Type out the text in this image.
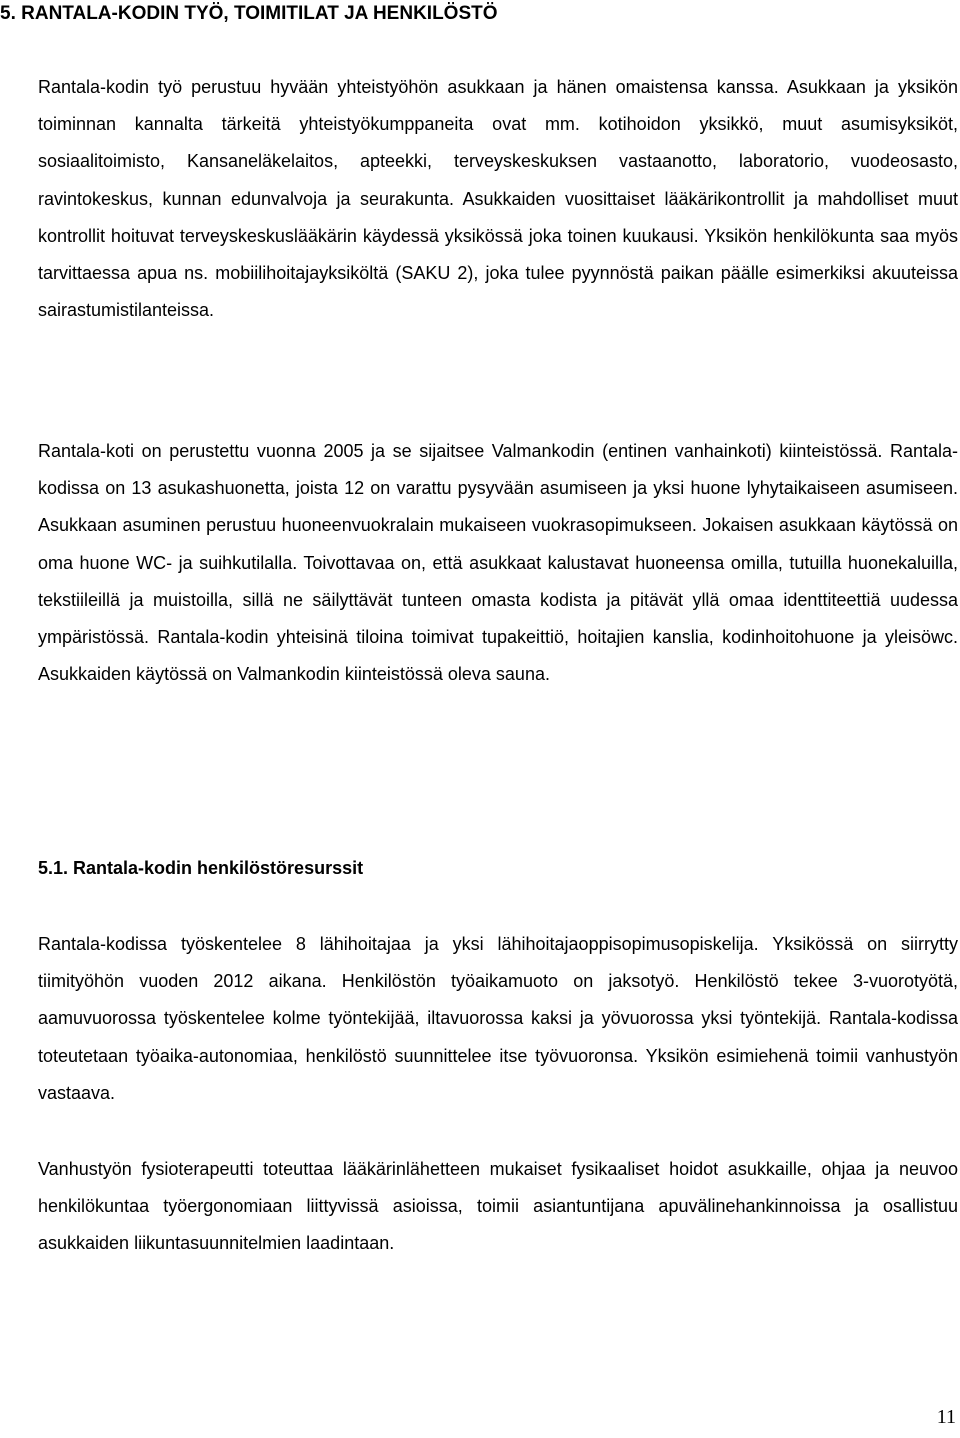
5. RANTALA-KODIN TYÖ, TOIMITILAT JA HENKILÖSTÖ

Rantala-kodin työ perustuu hyvään yhteistyöhön asukkaan ja hänen omaistensa kanssa. Asukkaan ja yksikön toiminnan kannalta tärkeitä yhteistyökumppaneita ovat mm. kotihoidon yksikkö, muut asumisyksiköt, sosiaalitoimisto, Kansaneläkelaitos, apteekki, terveyskeskuksen vastaanotto, laboratorio, vuodeosasto, ravintokeskus, kunnan edunvalvoja ja seurakunta. Asukkaiden vuosittaiset lääkärikontrollit ja mahdolliset muut kontrollit hoituvat terveyskeskuslääkärin käydessä yksikössä joka toinen kuukausi. Yksikön henkilökunta saa myös tarvittaessa apua ns. mobiilihoitajayksiköltä (SAKU 2), joka tulee pyynnöstä paikan päälle esimerkiksi akuuteissa sairastumistilanteissa.

Rantala-koti on perustettu vuonna 2005 ja se sijaitsee Valmankodin (entinen vanhainkoti) kiinteistössä. Rantala-kodissa on 13 asukashuonetta, joista 12 on varattu pysyvään asumiseen ja yksi huone lyhytaikaiseen asumiseen. Asukkaan asuminen perustuu huoneenvuokralain mukaiseen vuokrasopimukseen. Jokaisen asukkaan käytössä on oma huone WC- ja suihkutilalla. Toivottavaa on, että asukkaat kalustavat huoneensa omilla, tutuilla huonekaluilla, tekstiileillä ja muistoilla, sillä ne säilyttävät tunteen omasta kodista ja pitävät yllä omaa identtiteettiä uudessa ympäristössä. Rantala-kodin yhteisinä tiloina toimivat tupakeittiö, hoitajien kanslia, kodinhoitohuone ja yleisöwc. Asukkaiden käytössä on Valmankodin kiinteistössä oleva sauna.

5.1. Rantala-kodin henkilöstöresurssit

Rantala-kodissa työskentelee 8 lähihoitajaa ja yksi lähihoitajaoppisopimusopiskelija. Yksikössä on siirrytty tiimityöhön vuoden 2012 aikana. Henkilöstön työaikamuoto on jaksotyö. Henkilöstö tekee 3-vuorotyötä, aamuvuorossa työskentelee kolme työntekijää, iltavuorossa kaksi ja yövuorossa yksi työntekijä. Rantala-kodissa toteutetaan työaika-autonomiaa, henkilöstö suunnittelee itse työvuoronsa. Yksikön esimiehenä toimii vanhustyön vastaava.

Vanhustyön fysioterapeutti toteuttaa lääkärinlähetteen mukaiset fysikaaliset hoidot asukkaille, ohjaa ja neuvoo henkilökuntaa työergonomiaan liittyvissä asioissa, toimii asiantuntijana apuvälinehankinnoissa ja osallistuu asukkaiden liikuntasuunnitelmien laadintaan.

11
